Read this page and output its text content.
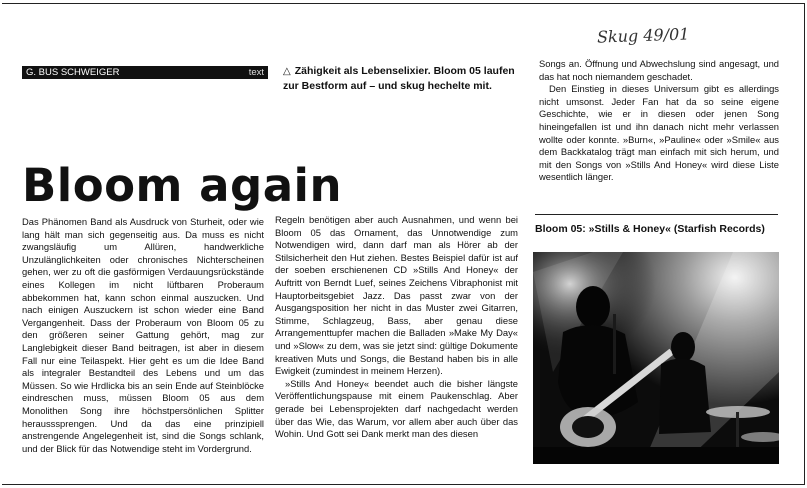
Skug 49/01
G. BUS SCHWEIGER	text △ Zähigkeit als Lebenselixier. Bloom 05 laufen zur Bestform auf – und skug hechelte mit.
Bloom again

Das Phänomen Band als Ausdruck von Sturheit, oder wie lang hält man sich gegenseitig aus. Da muss es nicht zwangsläufig um Allüren, handwerkliche Unzulänglichkeiten oder chronisches Nichterscheinen gehen, wer zu oft die gasförmigen Verdauungsrückstände eines Kollegen im nicht lüftbaren Proberaum abbekommen hat, kann schon einmal auszucken. Und nach einigen Auszuckern ist schon wieder eine Band Vergangenheit. Dass der Proberaum von Bloom 05 zu den größeren seiner Gattung gehört, mag zur Langlebigkeit dieser Band beitragen, ist aber in diesem Fall nur eine Teilaspekt. Hier geht es um die Idee Band als integraler Bestandteil des Lebens und um das Müssen. So wie Hrdlicka bis an sein Ende auf Steinblöcke eindreschen muss, müssen Bloom 05 aus dem Monolithen Song ihre höchstpersönlichen Splitter herausssprengen. Und da das eine prinzipiell anstrengende Angelegenheit ist, sind die Songs schlank, und der Blick für das Notwendige steht im Vordergrund.

Regeln benötigen aber auch Ausnahmen, und wenn bei Bloom 05 das Ornament, das Unnotwendige zum Notwendigen wird, dann darf man als Hörer ab der Stilsicherheit den Hut ziehen. Bestes Beispiel dafür ist auf der soeben erschienenen CD »Stills And Honey« der Auftritt von Berndt Luef, seines Zeichens Vibraphonist mit Hauptorbeitsgebiet Jazz. Das passt zwar von der Ausgangsposition her nicht in das Muster zwei Gitarren, Stimme, Schlagzeug, Bass, aber genau diese Arrangementtupfer machen die Balladen »Make My Day« und »Slow« zu dem, was sie jetzt sind: gültige Dokumente kreativen Muts und Songs, die Bestand haben bis in alle Ewigkeit (zumindest in meinem Herzen).

»Stills And Honey« beendet auch die bisher längste Veröffentlichungspause mit einem Paukenschlag. Aber gerade bei Lebensprojekten darf nachgedacht werden über das Wie, das Warum, vor allem aber auch über das Wohin. Und Gott sei Dank merkt man des diesen

Songs an. Öffnung und Abwechslung sind angesagt, und das hat noch niemandem geschadet.

Den Einstieg in dieses Universum gibt es allerdings nicht umsonst. Jeder Fan hat da so seine eigene Geschichte, wie er in diesen oder jenen Song hineingefallen ist und ihn danach nicht mehr verlassen wollte oder konnte. »Burn«, »Pauline« oder »Smile« aus dem Backkatalog trägt man einfach mit sich herum, und mit den Songs von »Stills And Honey« wird diese Liste wesentlich länger.

Bloom 05: »Stills & Honey« (Starfish Records)
